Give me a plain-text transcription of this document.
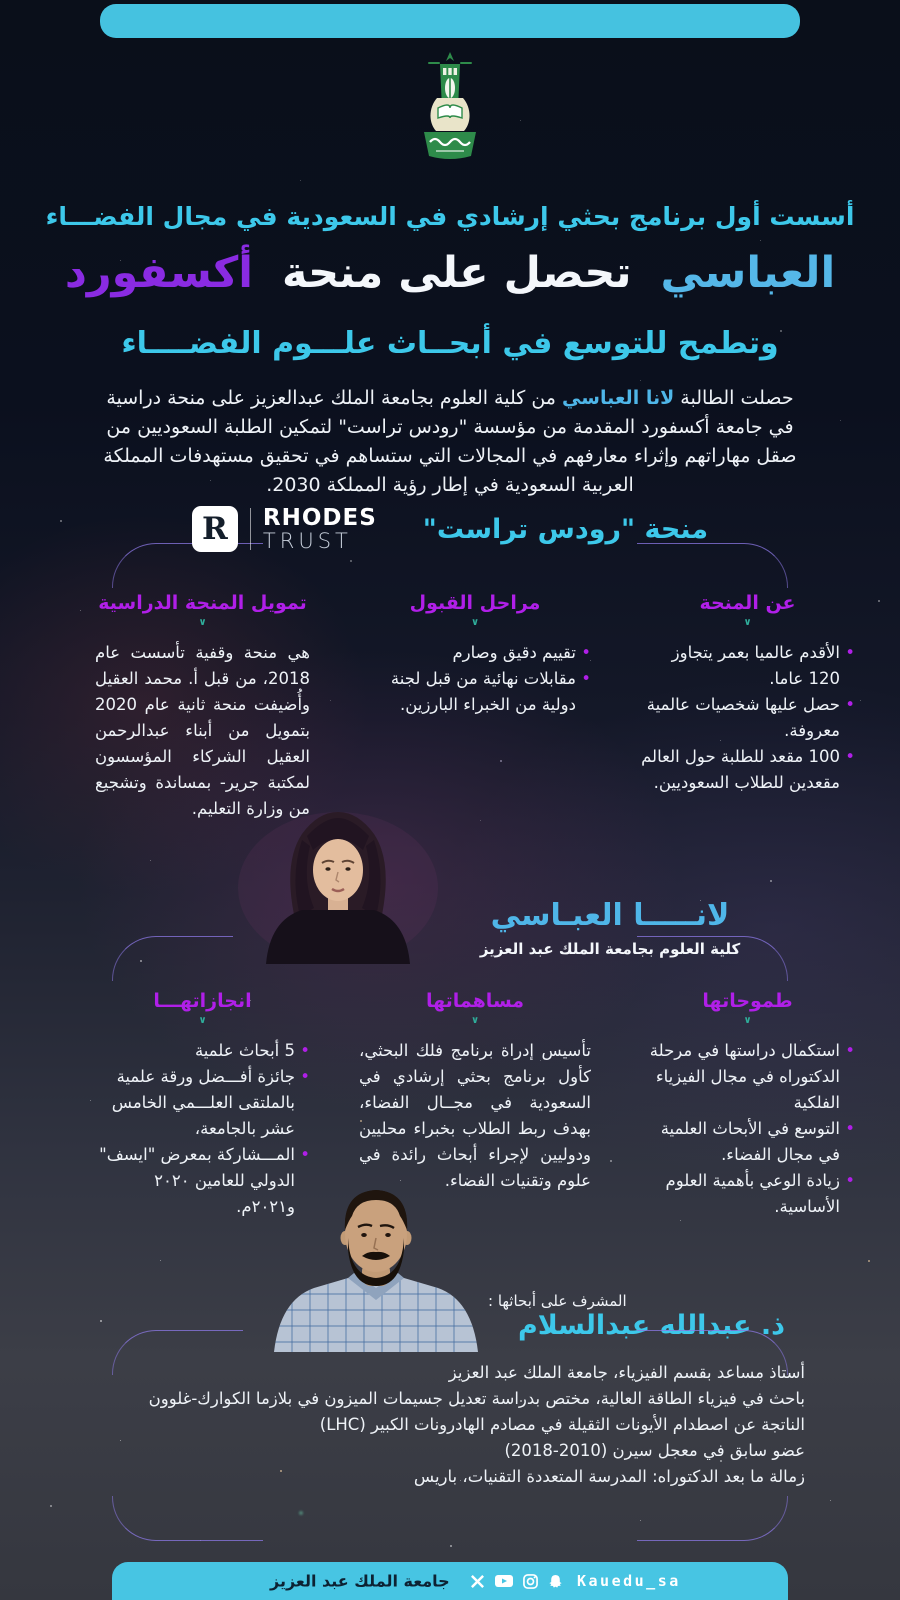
أسست أول برنامج بحثي إرشادي في السعودية في مجال الفضـــاء
العباسي تحصل على منحة أكسفورد
وتطمح للتوسع في أبحــاث علـــوم الفضــــاء
حصلت الطالبة لانا العباسي من كلية العلوم بجامعة الملك عبدالعزيز على منحة دراسية في جامعة أكسفورد المقدمة من مؤسسة "رودس تراست" لتمكين الطلبة السعوديين من صقل مهاراتهم وإثراء معارفهم في المجالات التي ستساهم في تحقيق مستهدفات المملكة العربية السعودية في إطار رؤية المملكة 2030.
R	RHODES
TRUST	منحة "رودس تراست"
عن المنحة
∨
• الأقدم عالميا بعمر يتجاوز 120 عاما.
• حصل عليها شخصيات عالمية معروفة.
• 100 مقعد للطلبة حول العالم مقعدين للطلاب السعوديين.
مراحل القبول
∨
• تقييم دقيق وصارم
• مقابلات نهائية من قبل لجنة دولية من الخبراء البارزين.
تمويل المنحة الدراسية
∨

هي منحة وقفية تأسست عام 2018، من قبل أ. محمد العقيل وأُضيفت منحة ثانية عام 2020 بتمويل من أبناء عبدالرحمن العقيل الشركاء المؤسسون لمكتبة جرير- بمساندة وتشجيع من وزارة التعليم.

لانـــــا العبـاسي
كلية العلوم بجامعة الملك عبد العزيز
طموحاتها
∨
• استكمال دراستها في مرحلة الدكتوراه في مجال الفيزياء الفلكية
• التوسع في الأبحاث العلمية في مجال الفضاء.
• زيادة الوعي بأهمية العلوم الأساسية.
مساهماتها
∨

تأسيس إدراة برنامج فلك البحثي، كأول برنامج بحثي إرشادي في السعودية في مجــال الفضاء، بهدف ربط الطلاب بخبراء محليين ودوليين لإجراء أبحاث رائدة في علوم وتقنيات الفضاء.

انجازاتهـــا
∨
• 5 أبحاث علمية
• جائزة أفـــضل ورقة علمية بالملتقى العلـــمي الخامس عشر بالجامعة،
• المـــشاركة بمعرض "ايسف" الدولي للعامين ٢٠٢٠ و٢٠٢١م.
المشرف على أبحاثها :
ذ. عبدالله عبدالسلام
أستاذ مساعد بقسم الفيزياء، جامعة الملك عبد العزيز
باحث في فيزياء الطاقة العالية، مختص بدراسة تعديل جسيمات الميزون في بلازما الكوارك-غلوون
الناتجة عن اصطدام الأيونات الثقيلة في مصادم الهادرونات الكبير (LHC)
عضو سابق في معجل سيرن (2010-2018)
زمالة ما بعد الدكتوراه: المدرسة المتعددة التقنيات، باريس
جامعة الملك عبد العزيز	Kauedu_sa
